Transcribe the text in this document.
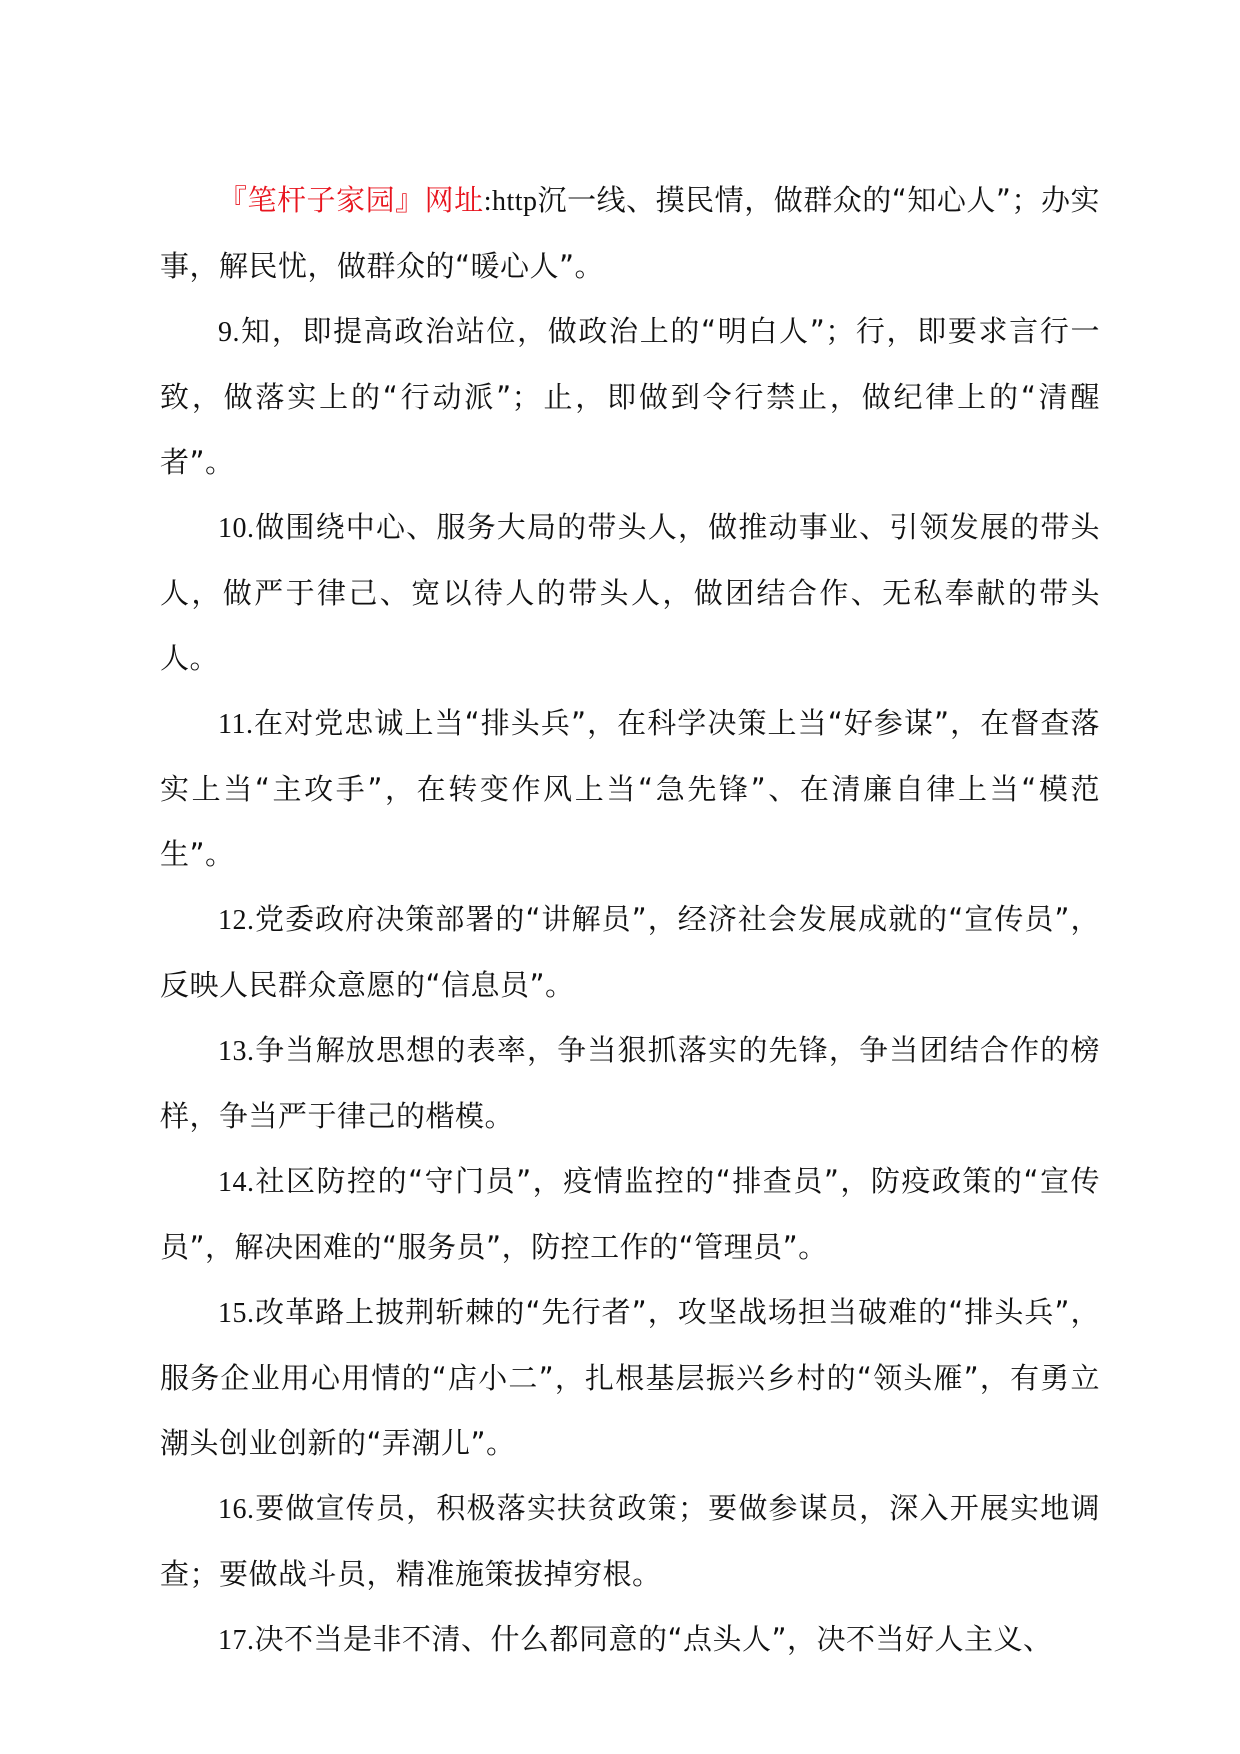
『笔杆子家园』网址:http沉一线、摸民情，做群众的“知心人”；办实事，解民忧，做群众的“暖心人”。

9.知，即提高政治站位，做政治上的“明白人”；行，即要求言行一致，做落实上的“行动派”；止，即做到令行禁止，做纪律上的“清醒者”。

10.做围绕中心、服务大局的带头人，做推动事业、引领发展的带头人，做严于律己、宽以待人的带头人，做团结合作、无私奉献的带头人。

11.在对党忠诚上当“排头兵”，在科学决策上当“好参谋”，在督查落实上当“主攻手”，在转变作风上当“急先锋”、在清廉自律上当“模范生”。

12.党委政府决策部署的“讲解员”，经济社会发展成就的“宣传员”，反映人民群众意愿的“信息员”。

13.争当解放思想的表率，争当狠抓落实的先锋，争当团结合作的榜样，争当严于律己的楷模。

14.社区防控的“守门员”，疫情监控的“排查员”，防疫政策的“宣传员”，解决困难的“服务员”，防控工作的“管理员”。

15.改革路上披荆斩棘的“先行者”，攻坚战场担当破难的“排头兵”，服务企业用心用情的“店小二”，扎根基层振兴乡村的“领头雁”，有勇立潮头创业创新的“弄潮儿”。

16.要做宣传员，积极落实扶贫政策；要做参谋员，深入开展实地调查；要做战斗员，精准施策拔掉穷根。

17.决不当是非不清、什么都同意的“点头人”，决不当好人主义、
